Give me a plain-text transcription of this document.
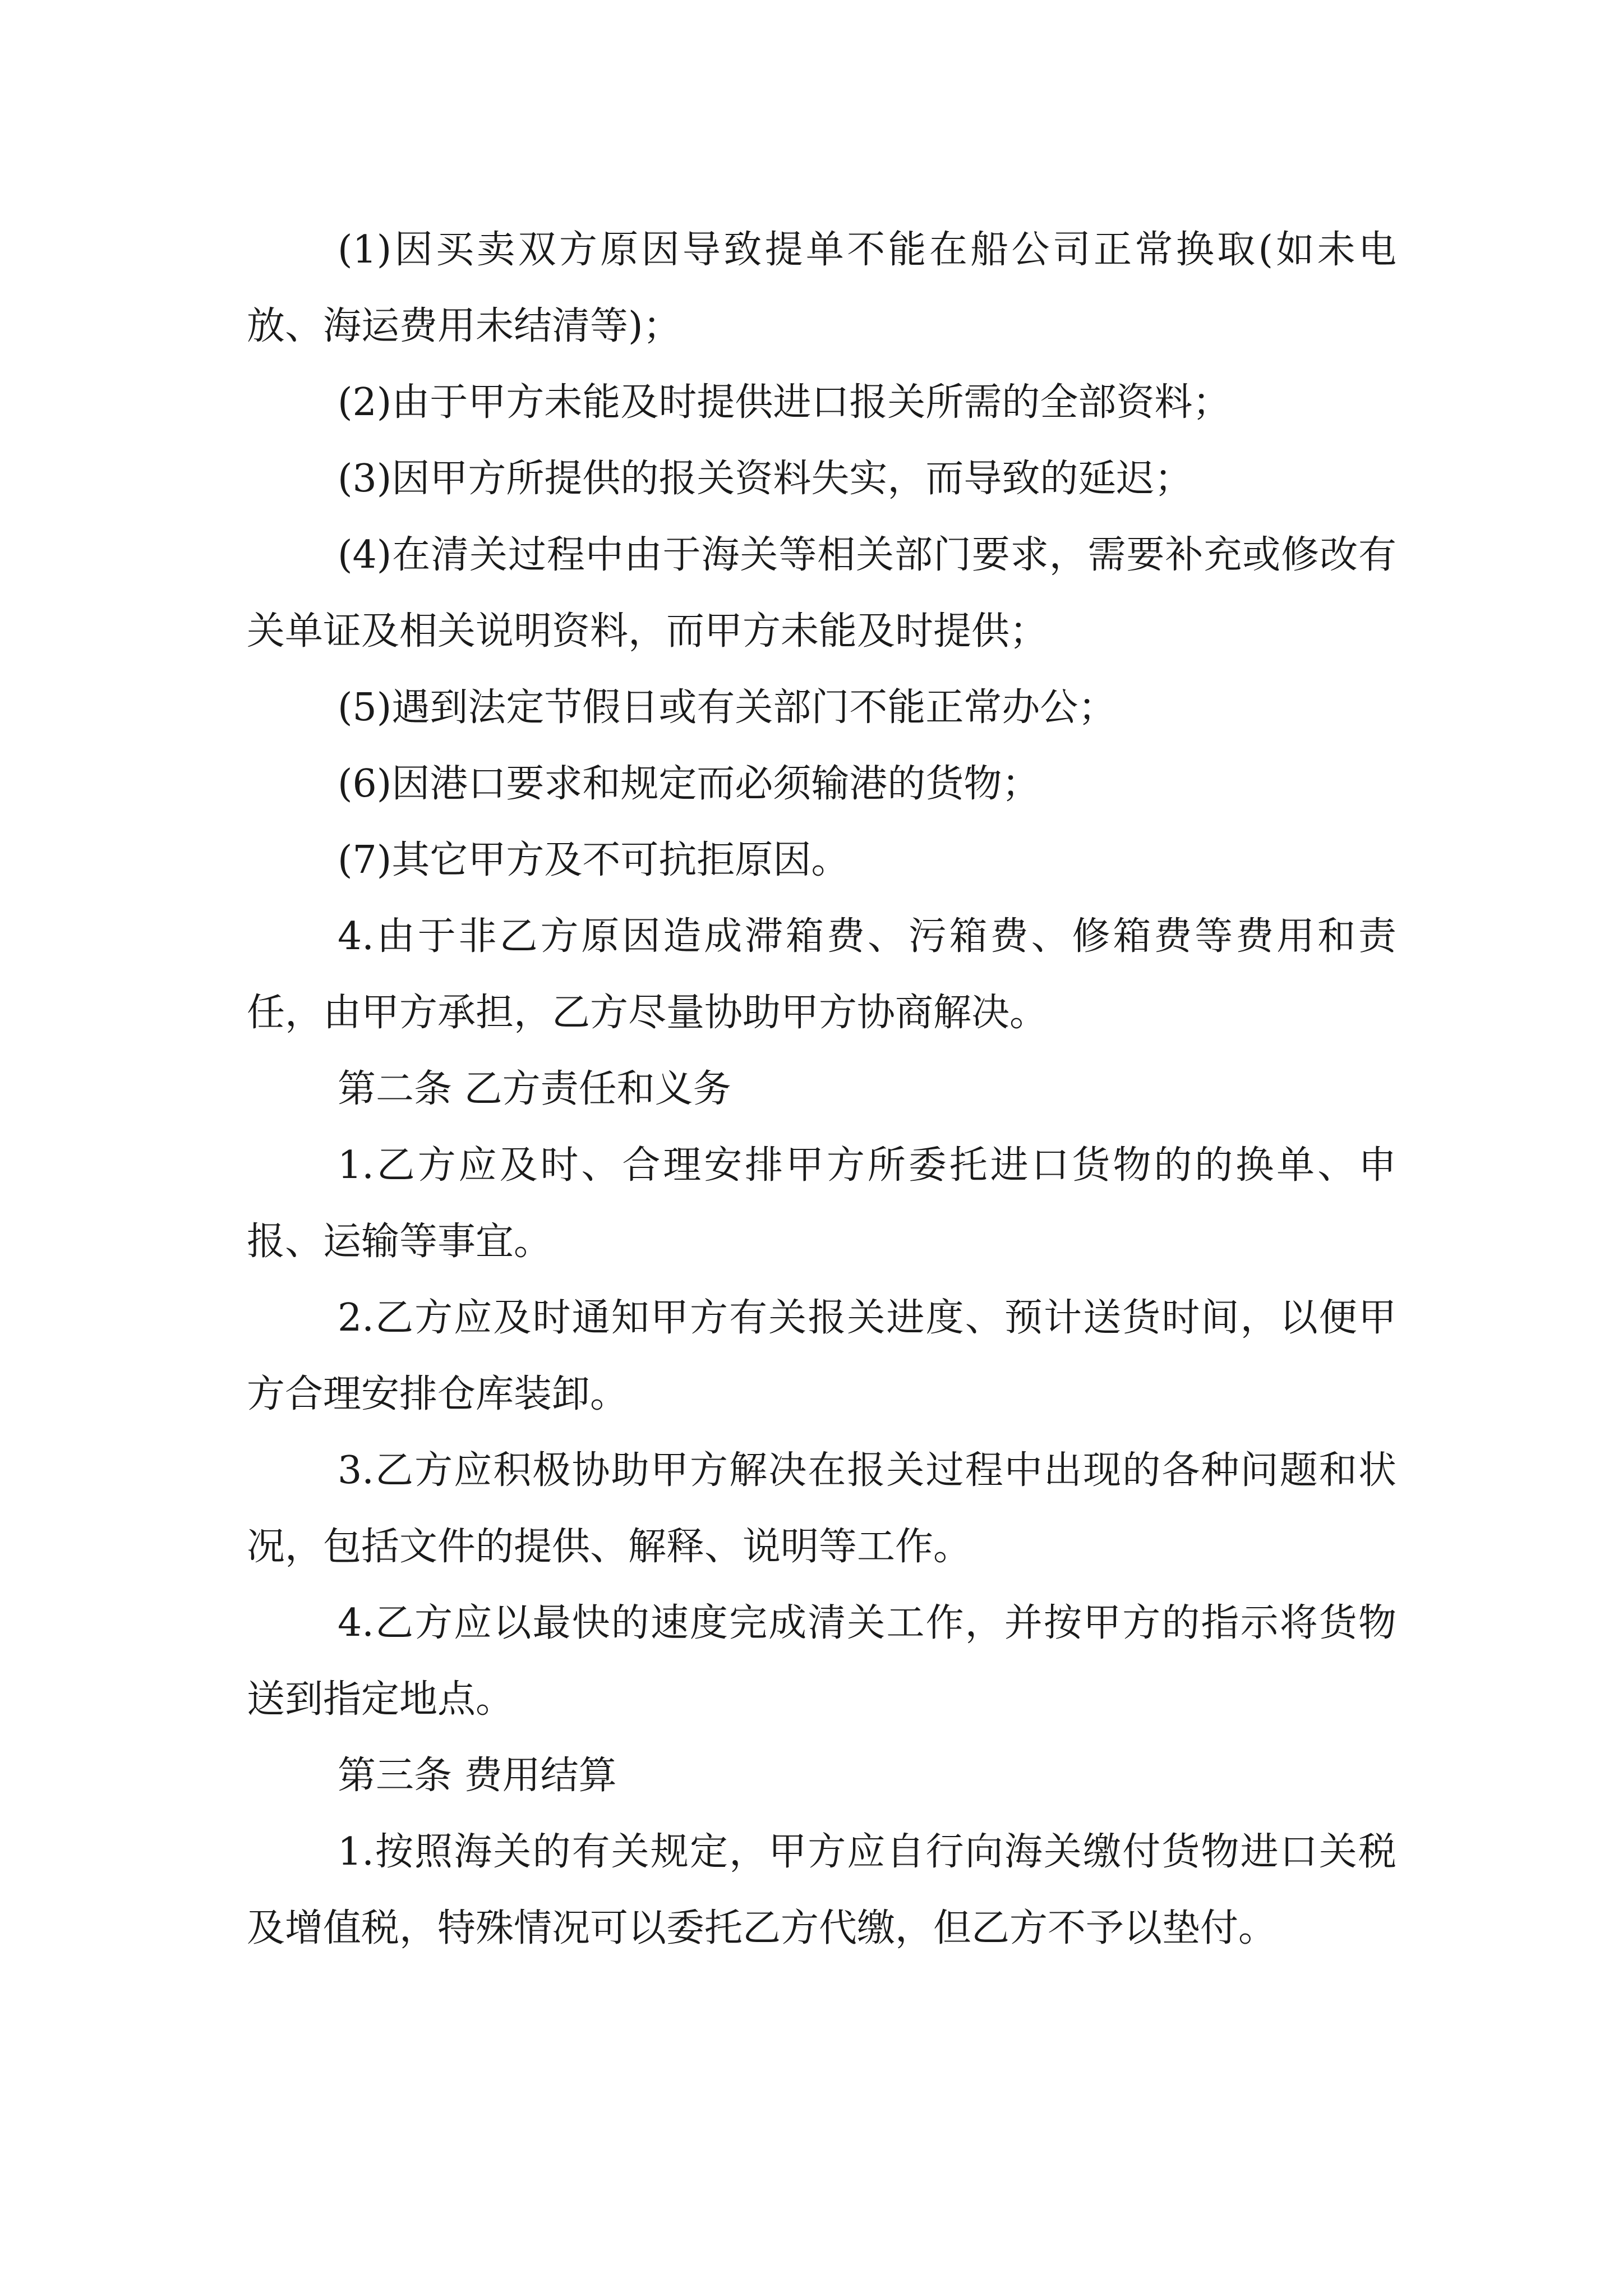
(1)因买卖双方原因导致提单不能在船公司正常换取(如未电放、海运费用未结清等)；

(2)由于甲方未能及时提供进口报关所需的全部资料；

(3)因甲方所提供的报关资料失实，而导致的延迟；

(4)在清关过程中由于海关等相关部门要求，需要补充或修改有关单证及相关说明资料，而甲方未能及时提供；

(5)遇到法定节假日或有关部门不能正常办公；

(6)因港口要求和规定而必须输港的货物；

(7)其它甲方及不可抗拒原因。

4.由于非乙方原因造成滞箱费、污箱费、修箱费等费用和责任，由甲方承担，乙方尽量协助甲方协商解决。

第二条 乙方责任和义务

1.乙方应及时、合理安排甲方所委托进口货物的的换单、申报、运输等事宜。

2.乙方应及时通知甲方有关报关进度、预计送货时间，以便甲方合理安排仓库装卸。

3.乙方应积极协助甲方解决在报关过程中出现的各种问题和状况，包括文件的提供、解释、说明等工作。

4.乙方应以最快的速度完成清关工作，并按甲方的指示将货物送到指定地点。

第三条 费用结算

1.按照海关的有关规定，甲方应自行向海关缴付货物进口关税及增值税，特殊情况可以委托乙方代缴，但乙方不予以垫付。
